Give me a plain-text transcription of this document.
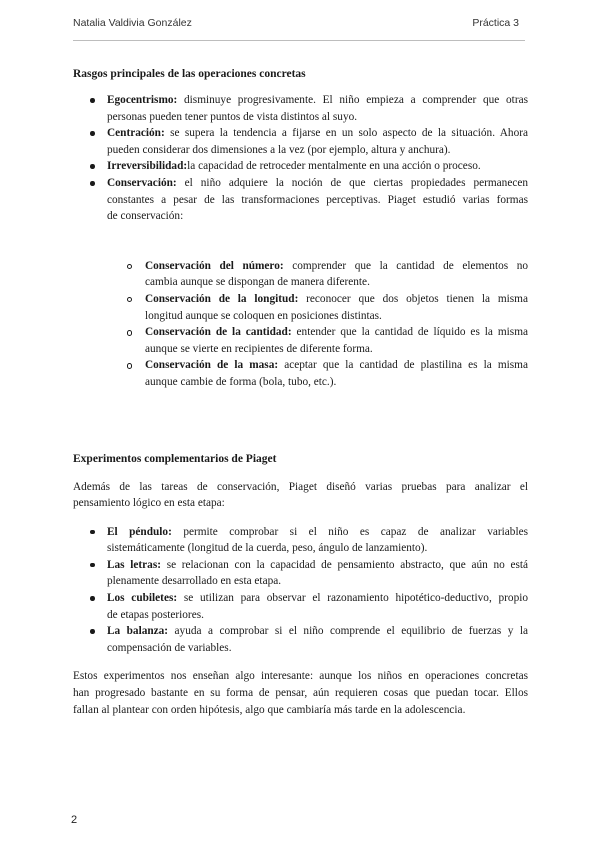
Natalia Valdivia González	Práctica 3
Rasgos principales de las operaciones concretas
Egocentrismo: disminuye progresivamente. El niño empieza a comprender que otras
personas pueden tener puntos de vista distintos al suyo.
Centración: se supera la tendencia a fijarse en un solo aspecto de la situación. Ahora
pueden considerar dos dimensiones a la vez (por ejemplo, altura y anchura).
Irreversibilidad:la capacidad de retroceder mentalmente en una acción o proceso.
Conservación: el niño adquiere la noción de que ciertas propiedades permanecen
constantes a pesar de las transformaciones perceptivas. Piaget estudió varias formas
de conservación:
Conservación del número: comprender que la cantidad de elementos no
cambia aunque se dispongan de manera diferente.
Conservación de la longitud: reconocer que dos objetos tienen la misma
longitud aunque se coloquen en posiciones distintas.
Conservación de la cantidad: entender que la cantidad de líquido es la misma
aunque se vierte en recipientes de diferente forma.
Conservación de la masa: aceptar que la cantidad de plastilina es la misma
aunque cambie de forma (bola, tubo, etc.).
Experimentos complementarios de Piaget

Además de las tareas de conservación, Piaget diseñó varias pruebas para analizar el
pensamiento lógico en esta etapa:

El péndulo: permite comprobar si el niño es capaz de analizar variables
sistemáticamente (longitud de la cuerda, peso, ángulo de lanzamiento).
Las letras: se relacionan con la capacidad de pensamiento abstracto, que aún no está
plenamente desarrollado en esta etapa.
Los cubiletes: se utilizan para observar el razonamiento hipotético-deductivo, propio
de etapas posteriores.
La balanza: ayuda a comprobar si el niño comprende el equilibrio de fuerzas y la
compensación de variables.

Estos experimentos nos enseñan algo interesante: aunque los niños en operaciones concretas
han progresado bastante en su forma de pensar, aún requieren cosas que puedan tocar. Ellos
fallan al plantear con orden hipótesis, algo que cambiaría más tarde en la adolescencia.

2
